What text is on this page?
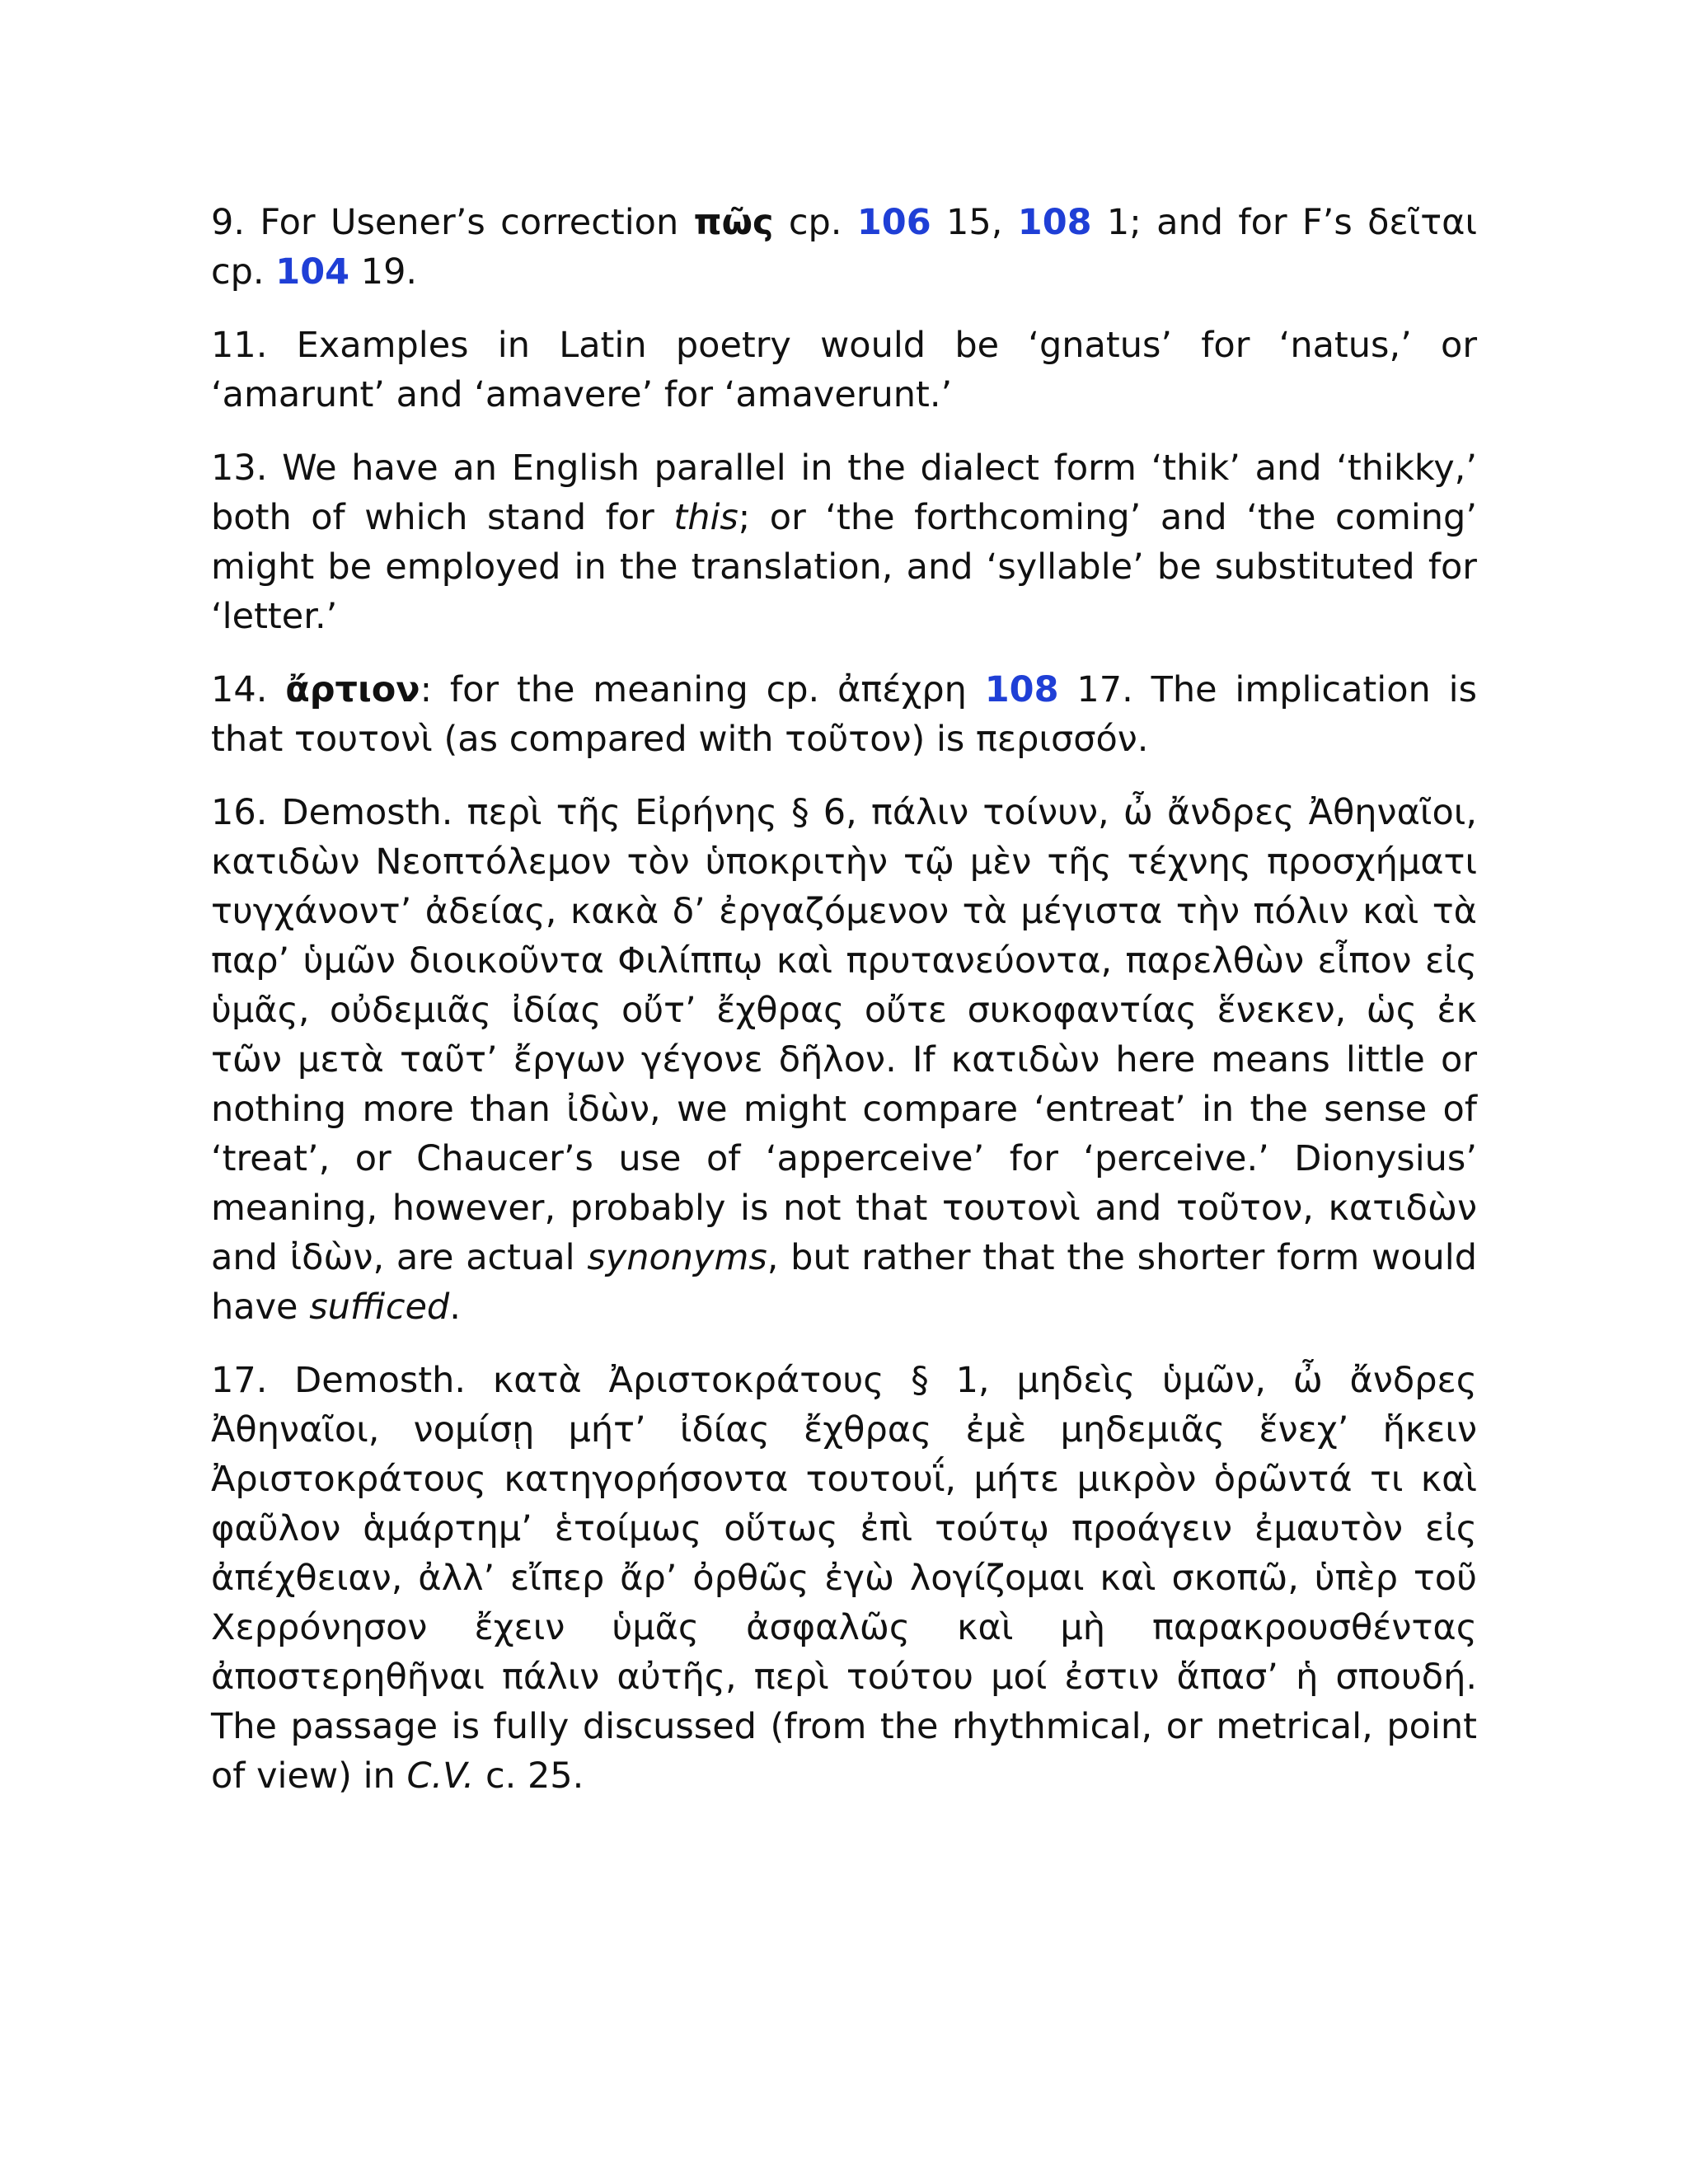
9. For Usener’s correction πῶς cp. 106 15, 108 1; and for F’s δεῖται cp. 104 19.

11. Examples in Latin poetry would be ‘gnatus’ for ‘natus,’ or ‘amarunt’ and ‘amavere’ for ‘amaverunt.’

13. We have an English parallel in the dialect form ‘thik’ and ‘thikky,’ both of which stand for this; or ‘the forthcoming’ and ‘the coming’ might be employed in the translation, and ‘syllable’ be substituted for ‘letter.’

14. ἄρτιον: for the meaning cp. ἀπέχρη 108 17. The implication is that τουτονὶ (as compared with τοῦτον) is περισσόν.

16. Demosth. περὶ τῆς Εἰρήνης § 6, πάλιν τοίνυν, ὦ ἄνδρες Ἀθηναῖοι, κατιδὼν Νεοπτόλεμον τὸν ὑποκριτὴν τῷ μὲν τῆς τέχνης προσχήματι τυγχάνοντ’ ἀδείας, κακὰ δ’ ἐργαζόμενον τὰ μέγιστα τὴν πόλιν καὶ τὰ παρ’ ὑμῶν διοικοῦντα Φιλίππῳ καὶ πρυτανεύοντα, παρελθὼν εἶπον εἰς ὑμᾶς, οὐδεμιᾶς ἰδίας οὔτ’ ἔχθρας οὔτε συκοφαντίας ἕνεκεν, ὡς ἐκ τῶν μετὰ ταῦτ’ ἔργων γέγονε δῆλον. If κατιδὼν here means little or nothing more than ἰδὼν, we might compare ‘entreat’ in the sense of ‘treat’, or Chaucer’s use of ‘apperceive’ for ‘perceive.’ Dionysius’ meaning, however, probably is not that τουτονὶ and τοῦτον, κατιδὼν and ἰδὼν, are actual synonyms, but rather that the shorter form would have sufficed.

17. Demosth. κατὰ Ἀριστοκράτους § 1, μηδεὶς ὑμῶν, ὦ ἄνδρες Ἀθηναῖοι, νομίσῃ μήτ’ ἰδίας ἔχθρας ἐμὲ μηδεμιᾶς ἕνεχ’ ἥκειν Ἀριστοκράτους κατηγορήσοντα τουτουΐ, μήτε μικρὸν ὁρῶντά τι καὶ φαῦλον ἁμάρτημ’ ἑτοίμως οὕτως ἐπὶ τούτῳ προάγειν ἐμαυτὸν εἰς ἀπέχθειαν, ἀλλ’ εἴπερ ἄρ’ ὀρθῶς ἐγὼ λογίζομαι καὶ σκοπῶ, ὑπὲρ τοῦ Χερρόνησον ἔχειν ὑμᾶς ἀσφαλῶς καὶ μὴ παρακρουσθέντας ἀποστερηθῆναι πάλιν αὐτῆς, περὶ τούτου μοί ἐστιν ἅπασ’ ἡ σπουδή. The passage is fully discussed (from the rhythmical, or metrical, point of view) in C.V. c. 25.
